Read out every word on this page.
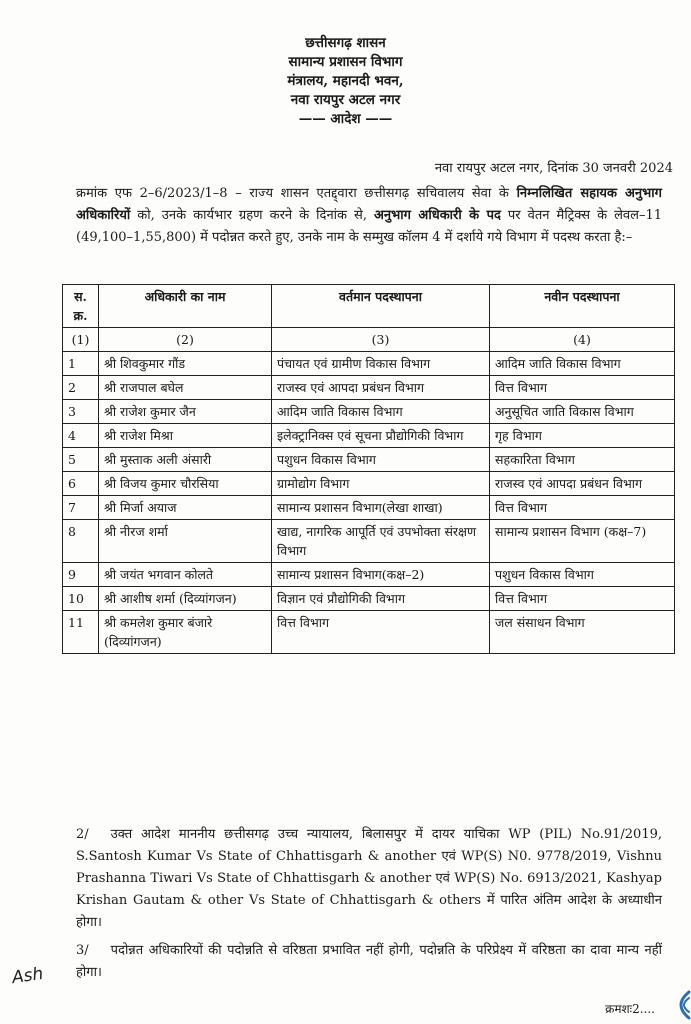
छत्तीसगढ़ शासन
सामान्य प्रशासन विभाग
मंत्रालय, महानदी भवन,
नवा रायपुर अटल नगर
—— आदेश ——
नवा रायपुर अटल नगर, दिनांक 30 जनवरी 2024
क्रमांक एफ 2–6/2023/1–8 – राज्य शासन एतद्द्वारा छत्तीसगढ़ सचिवालय सेवा के निम्नलिखित सहायक अनुभाग अधिकारियों को, उनके कार्यभार ग्रहण करने के दिनांक से, अनुभाग अधिकारी के पद पर वेतन मैट्रिक्स के लेवल–11 (49,100–1,55,800) में पदोन्नत करते हुए, उनके नाम के सम्मुख कॉलम 4 में दर्शाये गये विभाग में पदस्थ करता है:–
स. क्र.	अधिकारी का नाम	वर्तमान पदस्थापना	नवीन पदस्थापना
(1)	(2)	(3)	(4)
1	श्री शिवकुमार गौंड	पंचायत एवं ग्रामीण विकास विभाग	आदिम जाति विकास विभाग
2	श्री राजपाल बघेल	राजस्व एवं आपदा प्रबंधन विभाग	वित्त विभाग
3	श्री राजेश कुमार जैन	आदिम जाति विकास विभाग	अनुसूचित जाति विकास विभाग
4	श्री राजेश मिश्रा	इलेक्ट्रानिक्स एवं सूचना प्रौद्योगिकी विभाग	गृह विभाग
5	श्री मुस्ताक अली अंसारी	पशुधन विकास विभाग	सहकारिता विभाग
6	श्री विजय कुमार चौरसिया	ग्रामोद्योग विभाग	राजस्व एवं आपदा प्रबंधन विभाग
7	श्री मिर्जा अयाज	सामान्य प्रशासन विभाग(लेखा शाखा)	वित्त विभाग
8	श्री नीरज शर्मा	खाद्य, नागरिक आपूर्ति एवं उपभोक्ता संरक्षण विभाग	सामान्य प्रशासन विभाग (कक्ष–7)
9	श्री जयंत भगवान कोलते	सामान्य प्रशासन विभाग(कक्ष–2)	पशुधन विकास विभाग
10	श्री आशीष शर्मा (दिव्यांगजन)	विज्ञान एवं प्रौद्योगिकी विभाग	वित्त विभाग
11	श्री कमलेश कुमार बंजारे (दिव्यांगजन)	वित्त विभाग	जल संसाधन विभाग
2/ उक्त आदेश माननीय छत्तीसगढ़ उच्च न्यायालय, बिलासपुर में दायर याचिका WP (PIL) No.91/2019, S.Santosh Kumar Vs State of Chhattisgarh & another एवं WP(S) N0. 9778/2019, Vishnu Prashanna Tiwari Vs State of Chhattisgarh & another एवं WP(S) No. 6913/2021, Kashyap Krishan Gautam & other Vs State of Chhattisgarh & others में पारित अंतिम आदेश के अध्याधीन होगा।
3/ पदोन्नत अधिकारियों की पदोन्नति से वरिष्ठता प्रभावित नहीं होगी, पदोन्नति के परिप्रेक्ष्य में वरिष्ठता का दावा मान्य नहीं होगा।
Ash
क्रमशः2....
